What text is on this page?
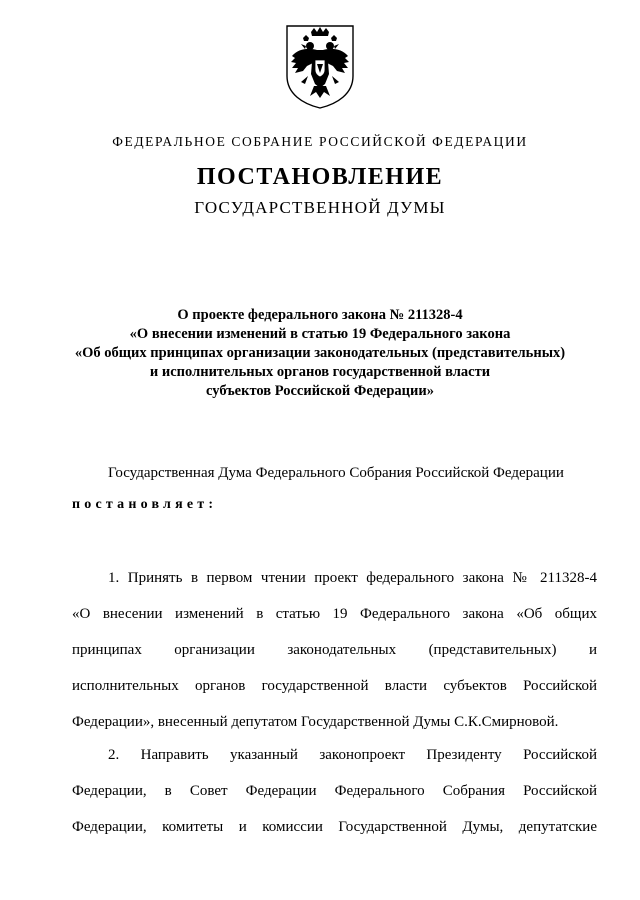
ФЕДЕРАЛЬНОЕ СОБРАНИЕ РОССИЙСКОЙ ФЕДЕРАЦИИ
ПОСТАНОВЛЕНИЕ
ГОСУДАРСТВЕННОЙ ДУМЫ
О проекте федерального закона № 211328-4
«О внесении изменений в статью 19 Федерального закона
«Об общих принципах организации законодательных (представительных)
и исполнительных органов государственной власти
субъектов Российской Федерации»
Государственная Дума Федерального Собрания Российской Федерации
постановляет:
1. Принять в первом чтении проект федерального закона № 211328-4
«О внесении изменений в статью 19 Федерального закона «Об общих
принципах организации законодательных (представительных) и
исполнительных органов государственной власти субъектов Российской
Федерации», внесенный депутатом Государственной Думы С.К.Смирновой.
2. Направить указанный законопроект Президенту Российской
Федерации, в Совет Федерации Федерального Собрания Российской
Федерации, комитеты и комиссии Государственной Думы, депутатские
